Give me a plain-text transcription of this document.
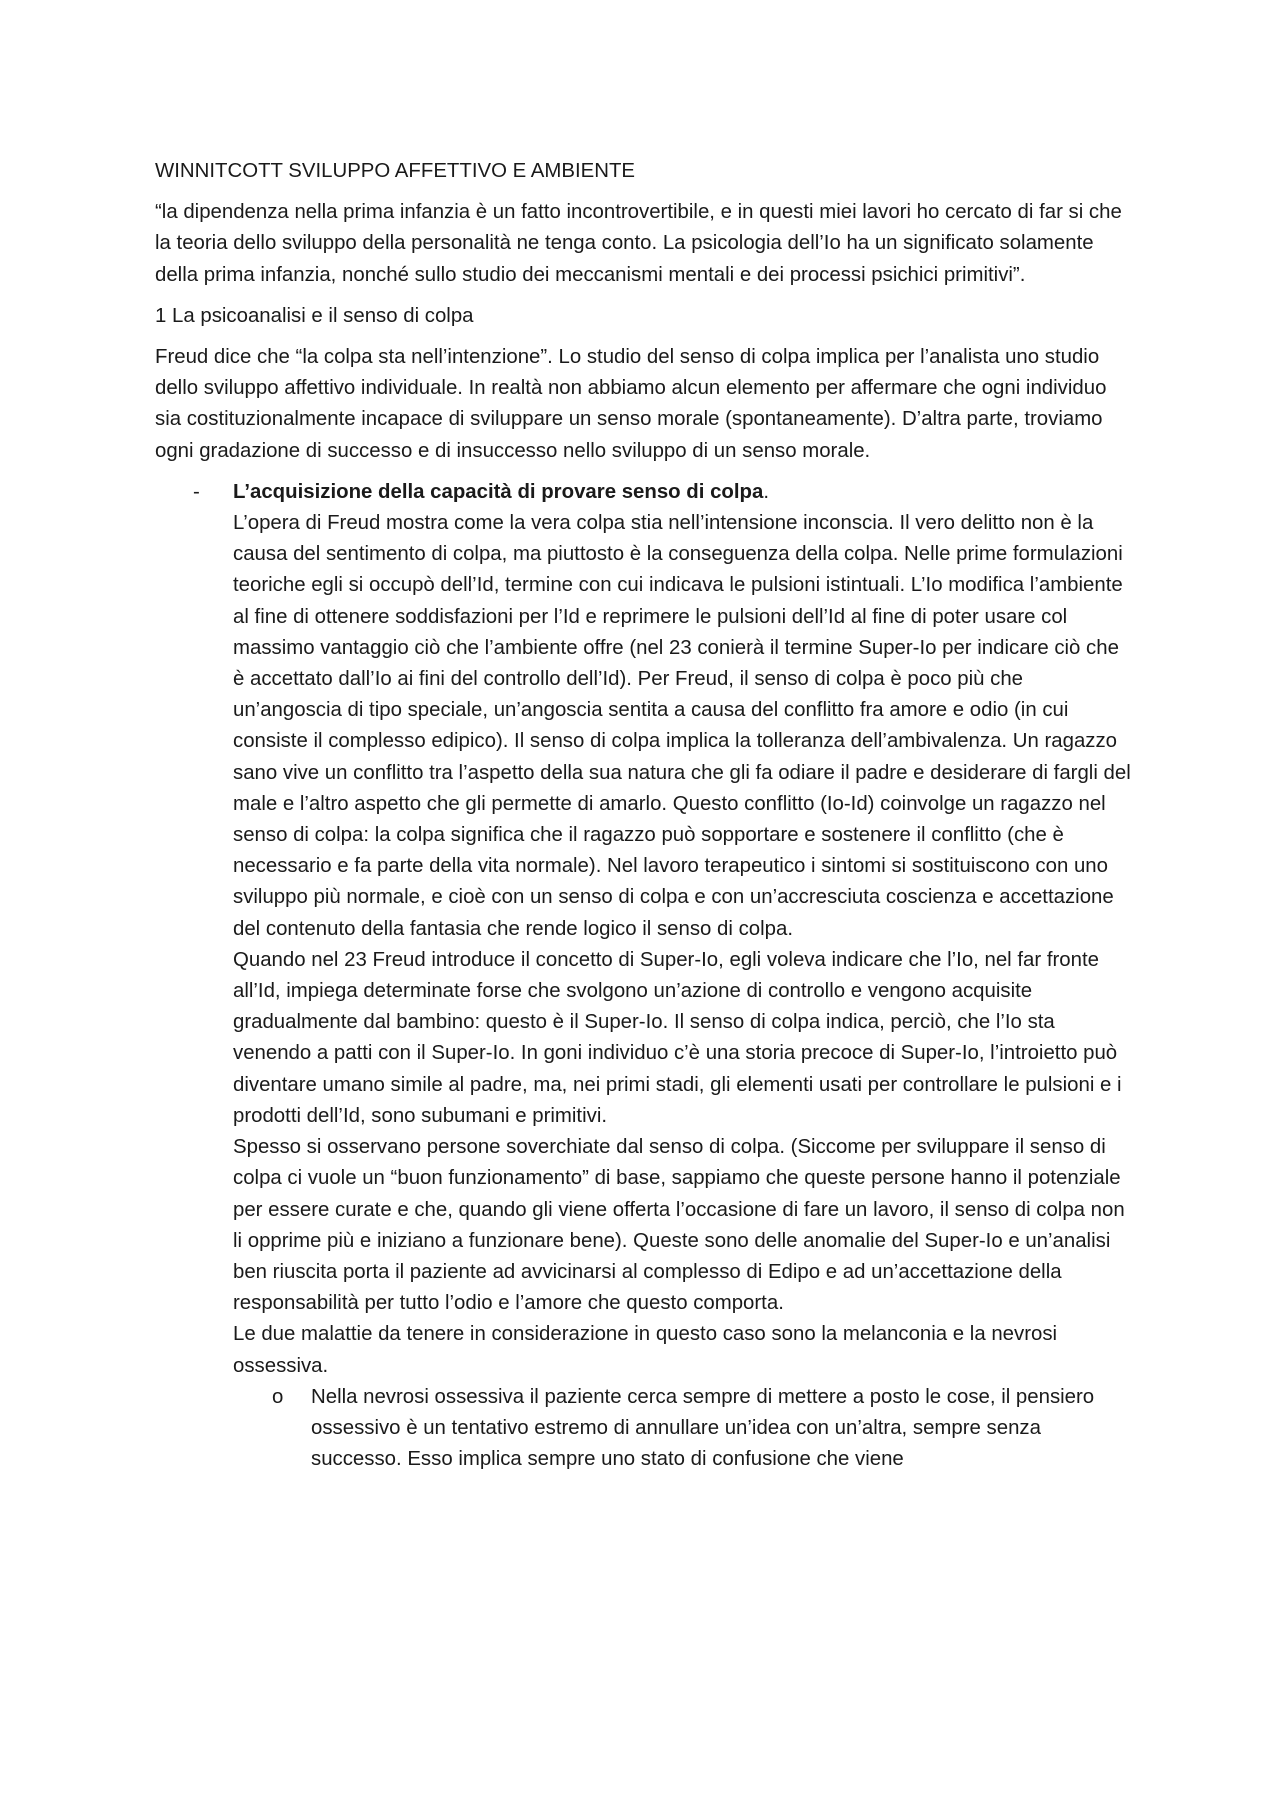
WINNITCOTT SVILUPPO AFFETTIVO E AMBIENTE

“la dipendenza nella prima infanzia è un fatto incontrovertibile, e in questi miei lavori ho cercato di far si che la teoria dello sviluppo della personalità ne tenga conto. La psicologia dell’Io ha un significato solamente della prima infanzia, nonché sullo studio dei meccanismi mentali e dei processi psichici primitivi”.

1 La psicoanalisi e il senso di colpa

Freud dice che “la colpa sta nell’intenzione”. Lo studio del senso di colpa implica per l’analista uno studio dello sviluppo affettivo individuale. In realtà non abbiamo alcun elemento per affermare che ogni individuo sia costituzionalmente incapace di sviluppare un senso morale (spontaneamente). D’altra parte, troviamo ogni gradazione di successo e di insuccesso nello sviluppo di un senso morale.

- L’acquisizione della capacità di provare senso di colpa.

L’opera di Freud mostra come la vera colpa stia nell’intensione inconscia. Il vero delitto non è la causa del sentimento di colpa, ma piuttosto è la conseguenza della colpa. Nelle prime formulazioni teoriche egli si occupò dell’Id, termine con cui indicava le pulsioni istintuali. L’Io modifica l’ambiente al fine di ottenere soddisfazioni per l’Id e reprimere le pulsioni dell’Id al fine di poter usare col massimo vantaggio ciò che l’ambiente offre (nel 23 conierà il termine Super-Io per indicare ciò che è accettato dall’Io ai fini del controllo dell’Id). Per Freud, il senso di colpa è poco più che un’angoscia di tipo speciale, un’angoscia sentita a causa del conflitto fra amore e odio (in cui consiste il complesso edipico). Il senso di colpa implica la tolleranza dell’ambivalenza. Un ragazzo sano vive un conflitto tra l’aspetto della sua natura che gli fa odiare il padre e desiderare di fargli del male e l’altro aspetto che gli permette di amarlo. Questo conflitto (Io-Id) coinvolge un ragazzo nel senso di colpa: la colpa significa che il ragazzo può sopportare e sostenere il conflitto (che è necessario e fa parte della vita normale). Nel lavoro terapeutico i sintomi si sostituiscono con uno sviluppo più normale, e cioè con un senso di colpa e con un’accresciuta coscienza e accettazione del contenuto della fantasia che rende logico il senso di colpa.

Quando nel 23 Freud introduce il concetto di Super-Io, egli voleva indicare che l’Io, nel far fronte all’Id, impiega determinate forse che svolgono un’azione di controllo e vengono acquisite gradualmente dal bambino: questo è il Super-Io. Il senso di colpa indica, perciò, che l’Io sta venendo a patti con il Super-Io. In goni individuo c’è una storia precoce di Super-Io, l’introietto può diventare umano simile al padre, ma, nei primi stadi, gli elementi usati per controllare le pulsioni e i prodotti dell’Id, sono subumani e primitivi.

Spesso si osservano persone soverchiate dal senso di colpa. (Siccome per sviluppare il senso di colpa ci vuole un “buon funzionamento” di base, sappiamo che queste persone hanno il potenziale per essere curate e che, quando gli viene offerta l’occasione di fare un lavoro, il senso di colpa non li opprime più e iniziano a funzionare bene). Queste sono delle anomalie del Super-Io e un’analisi ben riuscita porta il paziente ad avvicinarsi al complesso di Edipo e ad un’accettazione della responsabilità per tutto l’odio e l’amore che questo comporta.

Le due malattie da tenere in considerazione in questo caso sono la melanconia e la nevrosi ossessiva.

o Nella nevrosi ossessiva il paziente cerca sempre di mettere a posto le cose, il pensiero ossessivo è un tentativo estremo di annullare un’idea con un’altra, sempre senza successo. Esso implica sempre uno stato di confusione che viene
